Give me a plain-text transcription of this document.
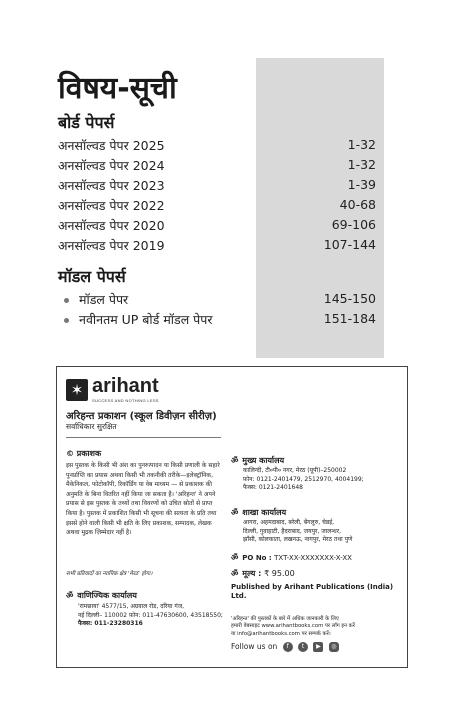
विषय-सूची
बोर्ड पेपर्स
अनसॉल्वड पेपर 2025	1-32
अनसॉल्वड पेपर 2024	1-32
अनसॉल्वड पेपर 2023	1-39
अनसॉल्वड पेपर 2022	40-68
अनसॉल्वड पेपर 2020	69-106
अनसॉल्वड पेपर 2019	107-144
मॉडल पेपर्स
मॉडल पेपर	145-150
नवीनतम UP बोर्ड मॉडल पेपर	151-184
✶ arihant
SUCCESS AND NOTHING LESS
अरिहन्त प्रकाशन (स्कूल डिवीज़न सीरीज़)
सर्वाधिकार सुरक्षित
© प्रकाशक
इस पुस्तक के किसी भी अंश का पुनरुत्पादन या किसी प्रणाली के सहारे पुनर्प्राप्ति का प्रयास अथवा किसी भी तकनीकी तरीके—इलेक्ट्रॉनिक, मैकेनिकल, फोटोकॉपी, रिकॉर्डिंग या वेब माध्यम — से प्रकाशक की अनुमति के बिना वितरित नहीं किया जा सकता है। 'अरिहन्त' ने अपने प्रयास से इस पुस्तक के तथ्यों तथा विवरणों को उचित स्रोतों से प्राप्त किया है। पुस्तक में प्रकाशित किसी भी सूचना की सत्यता के प्रति तथा इससे होने वाली किसी भी क्षति के लिए प्रकाशक, सम्पादक, लेखक अथवा मुद्रक ज़िम्मेदार नहीं है।
सभी प्रतिवादों का न्यायिक क्षेत्र 'मेरठ' होगा।
ॐ वाणिज्यिक कार्यालय
'रामछाया' 4577/15, अग्रवाल रोड, दरिया गंज,
नई दिल्ली– 110002 फ़ोन: 011-47630600, 43518550;
फैक्स: 011-23280316
ॐ मुख्य कार्यालय
कालिन्दी, टी०पी० नगर, मेरठ (यूपी)–250002
फ़ोन: 0121-2401479, 2512970, 4004199;
फैक्स: 0121-2401648
ॐ शाखा कार्यालय
आगरा, अहमदाबाद, बरेली, बेंगलुरु, चेन्नई,
दिल्ली, गुवाहाटी, हैदराबाद, जयपुर, जालन्धर,
झाँसी, कोलकाता, लखनऊ, नागपुर, मेरठ तथा पुणे
ॐ PO No : TXT-XX-XXXXXXX-X-XX
ॐ मूल्य : ₹ 95.00
Published by Arihant Publications (India) Ltd.
'अरिहन्त' की पुस्तकों के बारे में अधिक जानकारी के लिए
हमारी वेबसाइट www.arihantbooks.com पर लॉग इन करें
या info@arihantbooks.com पर सम्पर्क करें।
Follow us on f t ▶ ◎
